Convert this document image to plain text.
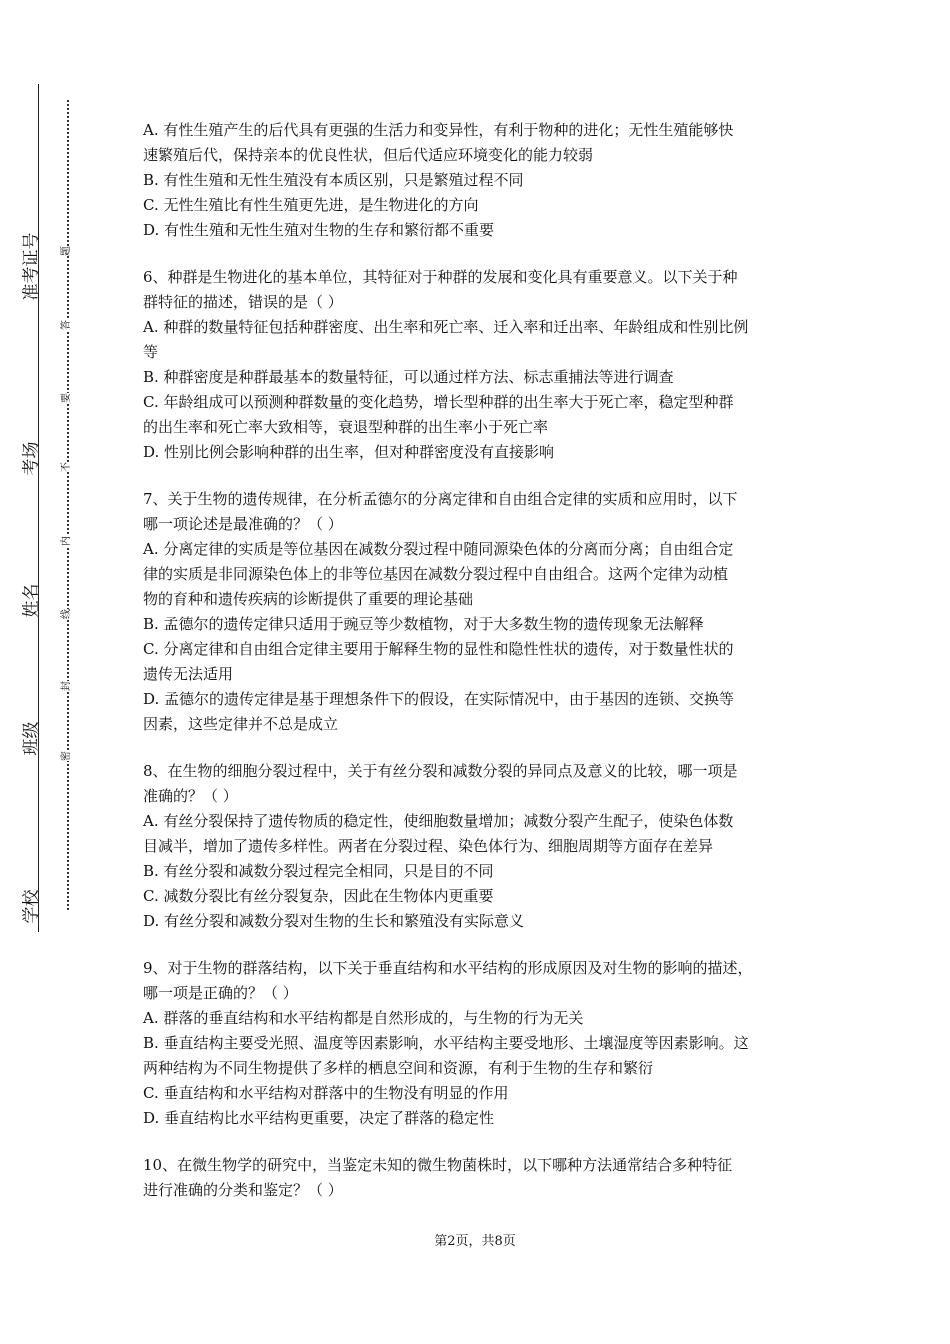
准考证号
考场
姓名
班级
学校
题
答
要
不
内
线
封
密
A. 有性生殖产生的后代具有更强的生活力和变异性，有利于物种的进化；无性生殖能够快
速繁殖后代，保持亲本的优良性状，但后代适应环境变化的能力较弱
B. 有性生殖和无性生殖没有本质区别，只是繁殖过程不同
C. 无性生殖比有性生殖更先进，是生物进化的方向
D. 有性生殖和无性生殖对生物的生存和繁衍都不重要
6、种群是生物进化的基本单位，其特征对于种群的发展和变化具有重要意义。以下关于种
群特征的描述，错误的是（ ）
A. 种群的数量特征包括种群密度、出生率和死亡率、迁入率和迁出率、年龄组成和性别比例
等
B. 种群密度是种群最基本的数量特征，可以通过样方法、标志重捕法等进行调查
C. 年龄组成可以预测种群数量的变化趋势，增长型种群的出生率大于死亡率，稳定型种群
的出生率和死亡率大致相等，衰退型种群的出生率小于死亡率
D. 性别比例会影响种群的出生率，但对种群密度没有直接影响
7、关于生物的遗传规律，在分析孟德尔的分离定律和自由组合定律的实质和应用时，以下
哪一项论述是最准确的？（ ）
A. 分离定律的实质是等位基因在减数分裂过程中随同源染色体的分离而分离；自由组合定
律的实质是非同源染色体上的非等位基因在减数分裂过程中自由组合。这两个定律为动植
物的育种和遗传疾病的诊断提供了重要的理论基础
B. 孟德尔的遗传定律只适用于豌豆等少数植物，对于大多数生物的遗传现象无法解释
C. 分离定律和自由组合定律主要用于解释生物的显性和隐性性状的遗传，对于数量性状的
遗传无法适用
D. 孟德尔的遗传定律是基于理想条件下的假设，在实际情况中，由于基因的连锁、交换等
因素，这些定律并不总是成立
8、在生物的细胞分裂过程中，关于有丝分裂和减数分裂的异同点及意义的比较，哪一项是
准确的？（ ）
A. 有丝分裂保持了遗传物质的稳定性，使细胞数量增加；减数分裂产生配子，使染色体数
目减半，增加了遗传多样性。两者在分裂过程、染色体行为、细胞周期等方面存在差异
B. 有丝分裂和减数分裂过程完全相同，只是目的不同
C. 减数分裂比有丝分裂复杂，因此在生物体内更重要
D. 有丝分裂和减数分裂对生物的生长和繁殖没有实际意义
9、对于生物的群落结构，以下关于垂直结构和水平结构的形成原因及对生物的影响的描述，
哪一项是正确的？（ ）
A. 群落的垂直结构和水平结构都是自然形成的，与生物的行为无关
B. 垂直结构主要受光照、温度等因素影响，水平结构主要受地形、土壤湿度等因素影响。这
两种结构为不同生物提供了多样的栖息空间和资源，有利于生物的生存和繁衍
C. 垂直结构和水平结构对群落中的生物没有明显的作用
D. 垂直结构比水平结构更重要，决定了群落的稳定性
10、在微生物学的研究中，当鉴定未知的微生物菌株时，以下哪种方法通常结合多种特征
进行准确的分类和鉴定？（ ）
第2页，共8页
